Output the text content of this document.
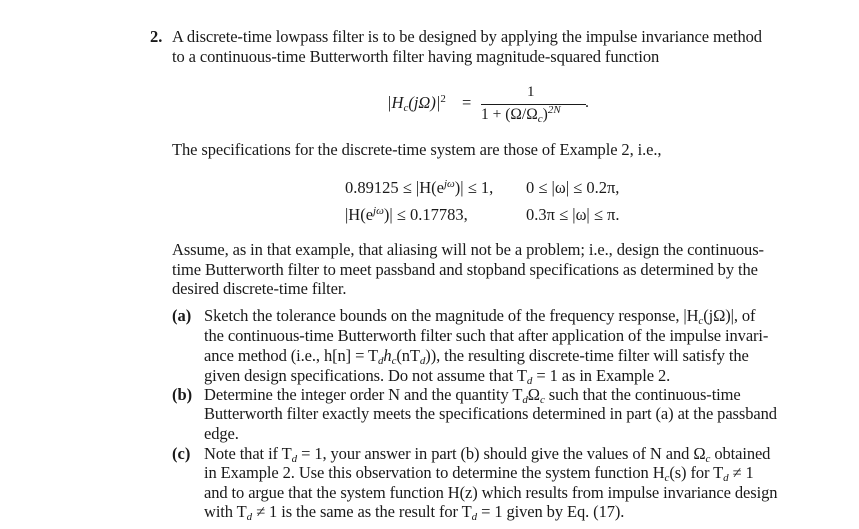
2. A discrete-time lowpass filter is to be designed by applying the impulse invariance method
to a continuous-time Butterworth filter having magnitude-squared function
$|H_c(j\Omega)|^2$ =
1
$1 + (\Omega/\Omega_c)^{2N}$ .
The specifications for the discrete-time system are those of Example 2, i.e.,
$0.89125 \le |H(e^{j\omega})| \le 1$, 0 ≤ |ω| ≤ 0.2π,
$|H(e^{j\omega})| \le 0.17783$,	0.3π ≤ |ω| ≤ π.
Assume, as in that example, that aliasing will not be a problem; i.e., design the continuous-
time Butterworth filter to meet passband and stopband specifications as determined by the
desired discrete-time filter.
(a) Sketch the tolerance bounds on the magnitude of the frequency response, $|H_c(j\Omega)|$, of
the continuous-time Butterworth filter such that after application of the impulse invari-
ance method (i.e., $h[n] = T_dh_c(nT_d)$), the resulting discrete-time filter will satisfy the
given design specifications. Do not assume that $T_d = 1$ as in Example 2.
(b) Determine the integer order N and the quantity $T_d\Omega_c$ such that the continuous-time
Butterworth filter exactly meets the specifications determined in part (a) at the passband
edge.
(c) Note that if $T_d = 1$, your answer in part (b) should give the values of N and $\Omega_c$ obtained
in Example 2. Use this observation to determine the system function $H_c(s)$ for $T_d \ne 1$
and to argue that the system function H(z) which results from impulse invariance design
with $T_d \ne 1$ is the same as the result for $T_d = 1$ given by Eq. (17).
